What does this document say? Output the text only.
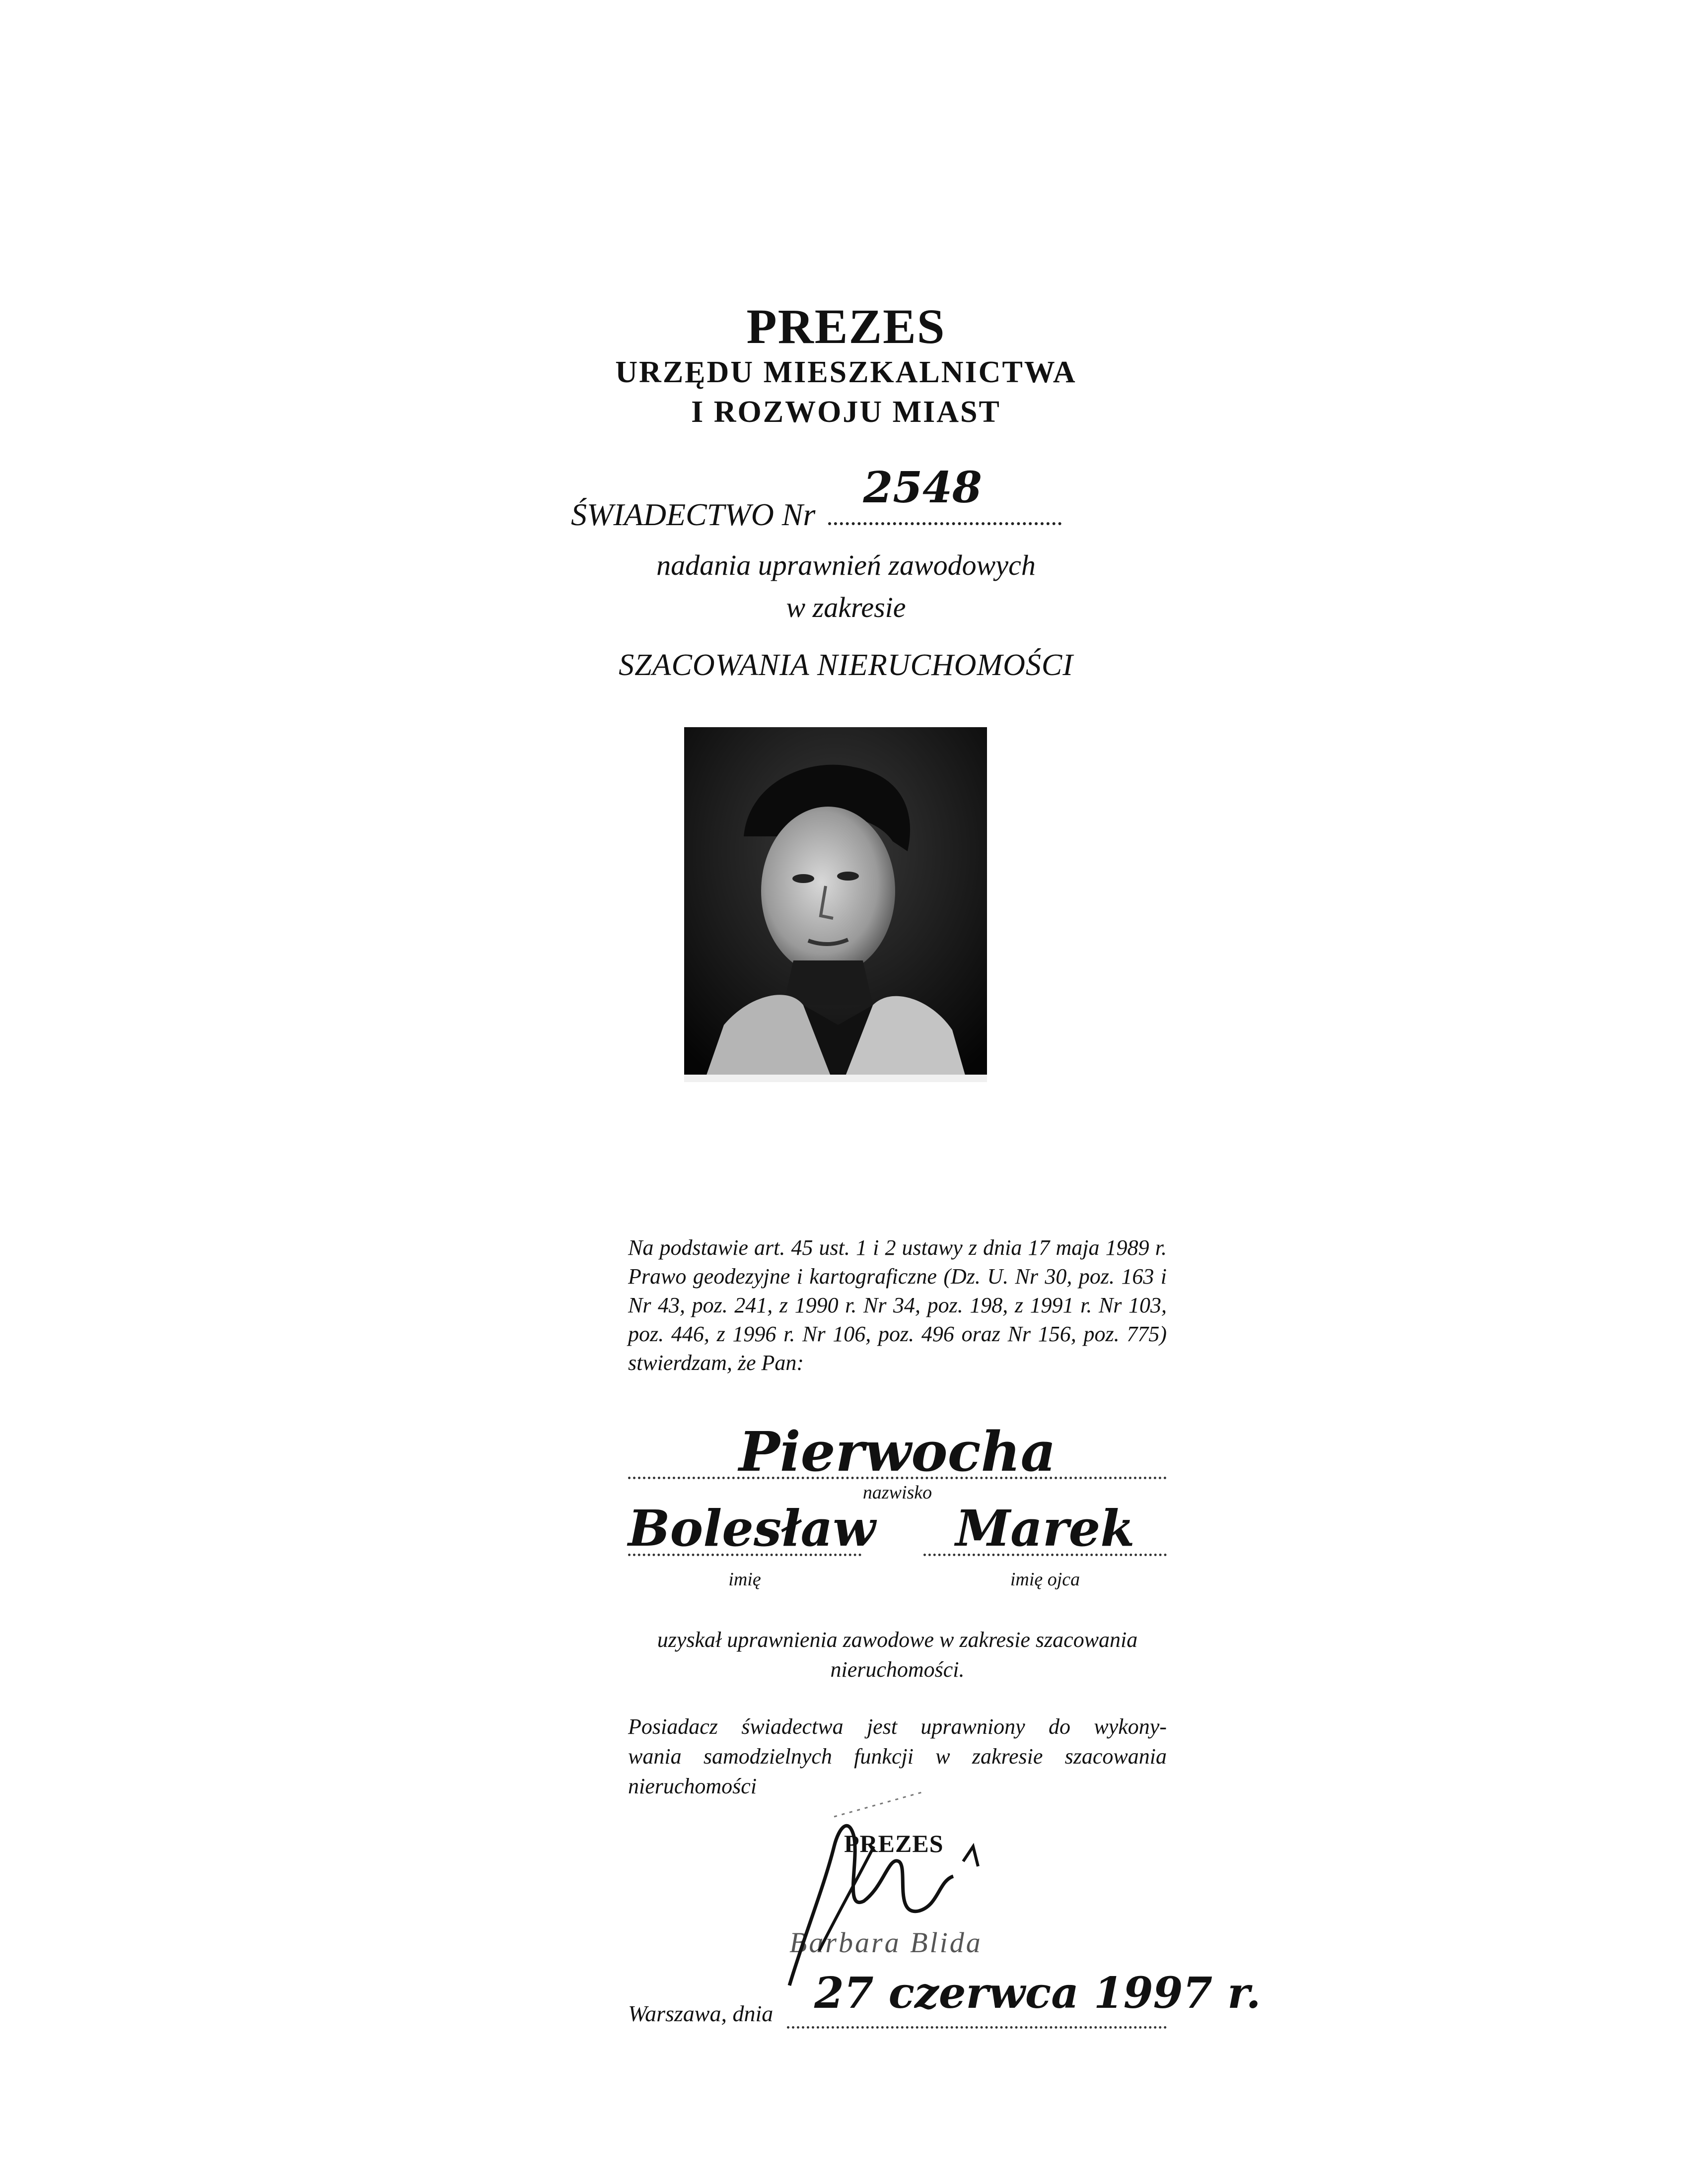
PREZES
URZĘDU MIESZKALNICTWA
I ROZWOJU MIAST
ŚWIADECTWO Nr
2548
nadania uprawnień zawodowych
w zakresie
SZACOWANIA NIERUCHOMOŚCI
Na podstawie art. 45 ust. 1 i 2 ustawy z dnia 17 maja 1989 r. Prawo geodezyjne i kartograficzne (Dz. U. Nr 30, poz. 163 i Nr 43, poz. 241, z 1990 r. Nr 34, poz. 198, z 1991 r. Nr 103, poz. 446, z 1996 r. Nr 106, poz. 496 oraz Nr 156, poz. 775) stwierdzam, że Pan:
Pierwocha
nazwisko
Bolesław
imię
Marek
imię ojca
uzyskał uprawnienia zawodowe w zakresie szacowania
nieruchomości.
Posiadacz świadectwa jest uprawniony do wykony-
wania samodzielnych funkcji w zakresie szacowania
nieruchomości
PREZES
Barbara Blida
Warszawa, dnia 27 czerwca 1997 r.
